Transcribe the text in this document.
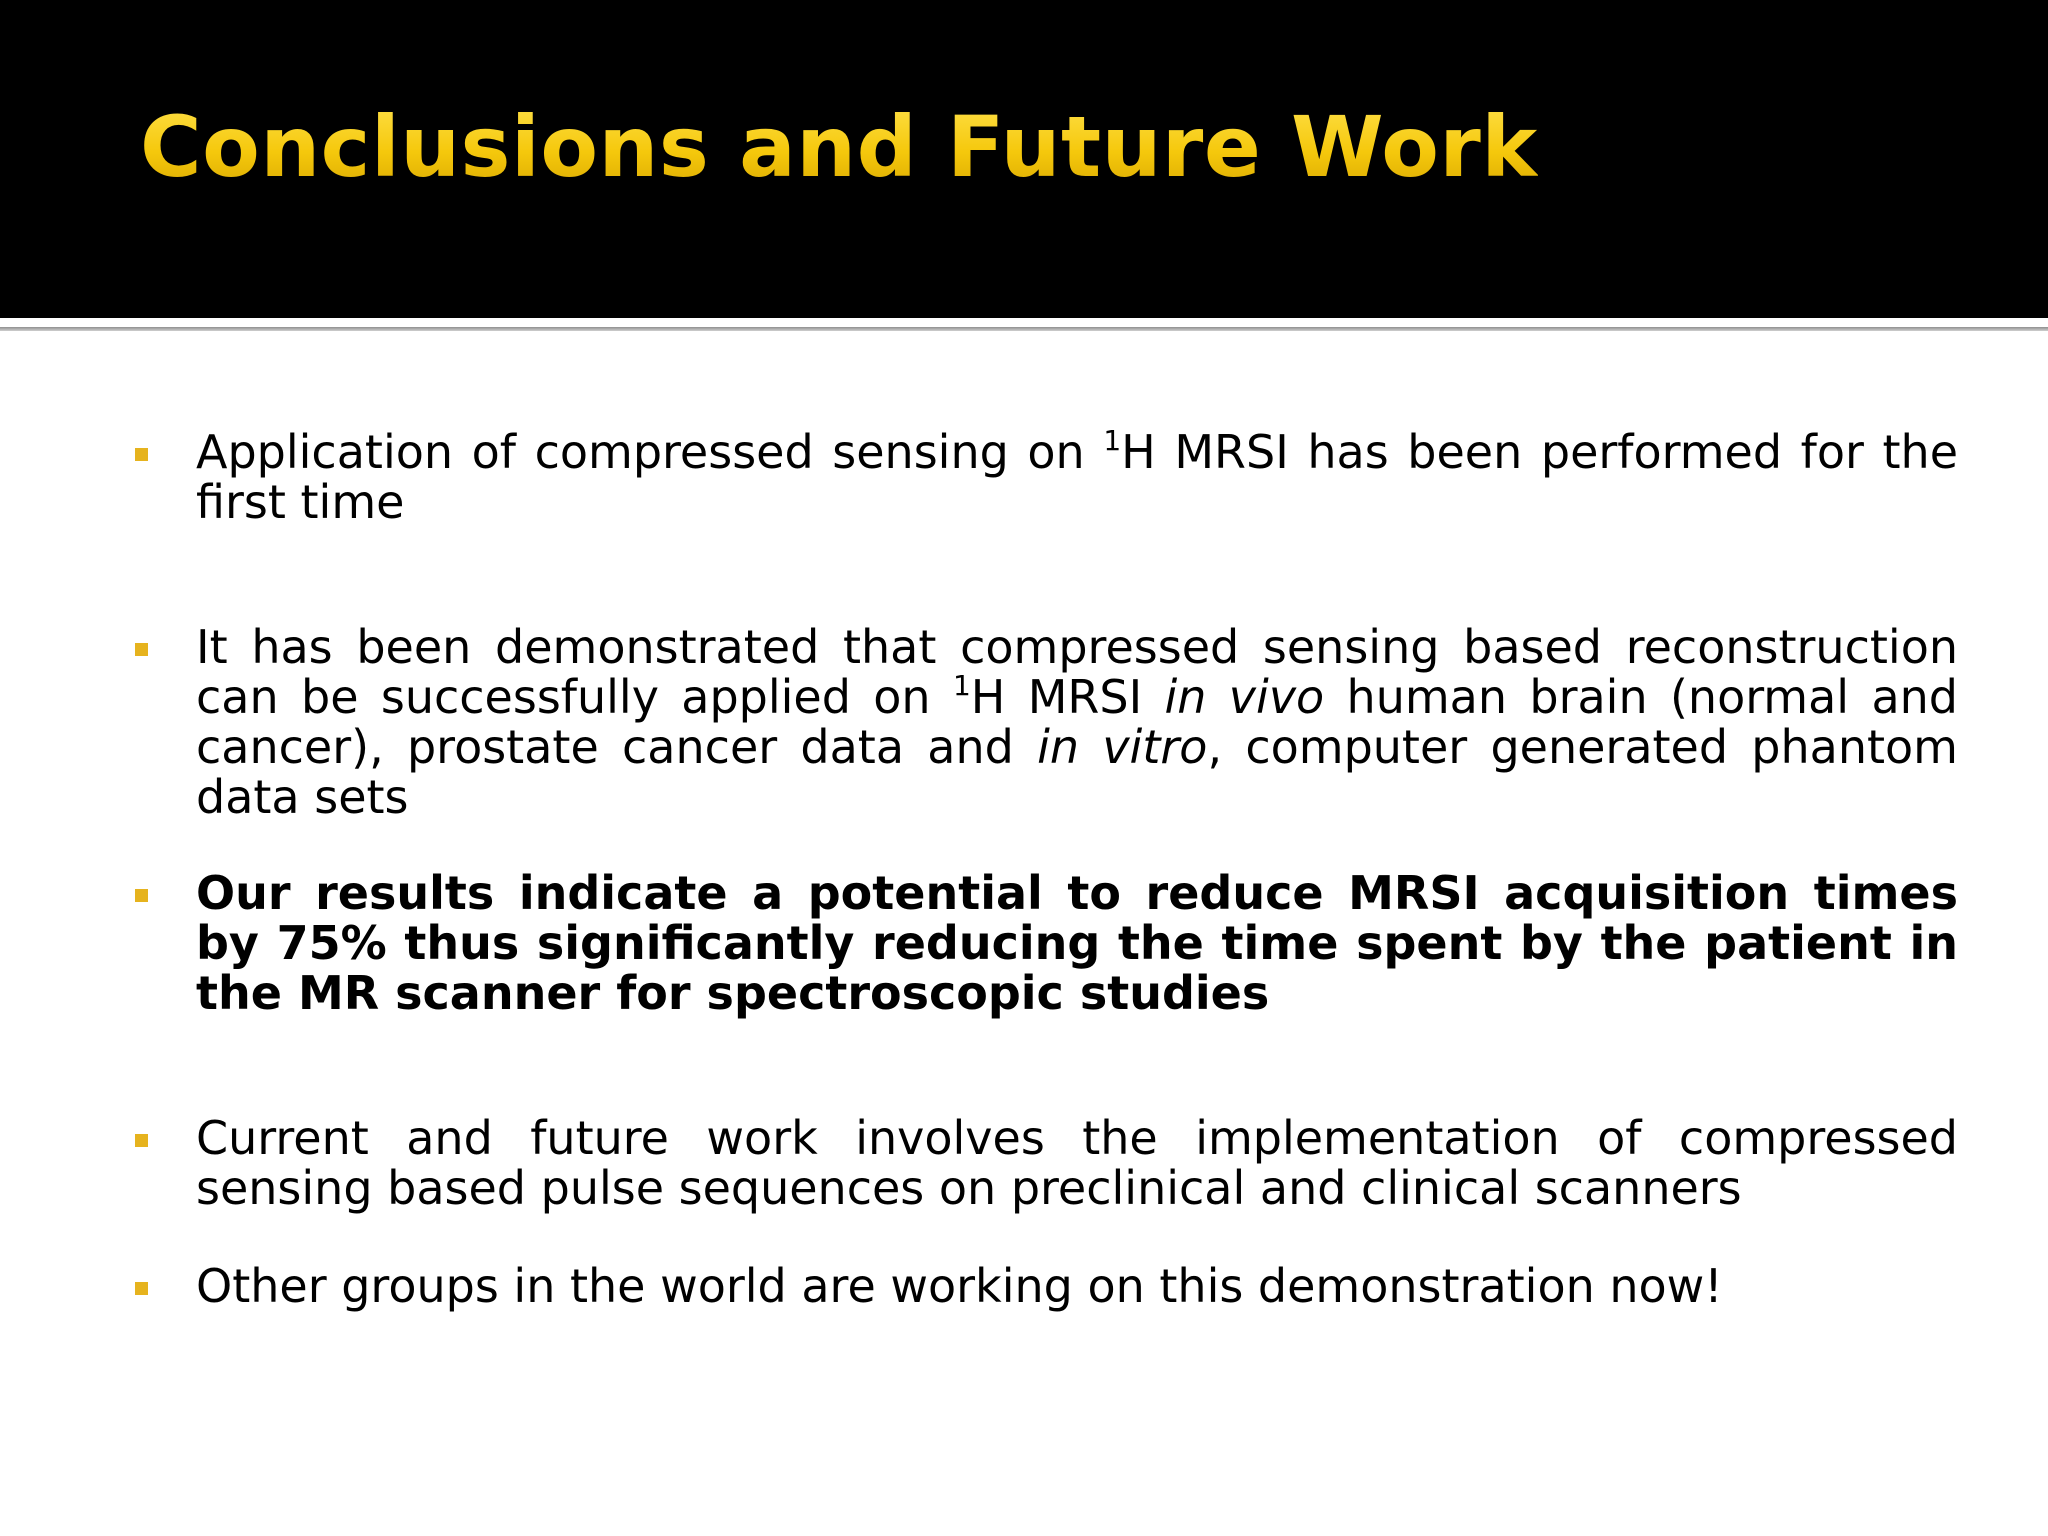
Conclusions and Future Work
Application of compressed sensing on $^1$H MRSI has been performed for the first time
It has been demonstrated that compressed sensing based reconstruction can be successfully applied on $^1$H MRSI in vivo human brain (normal and cancer), prostate cancer data and in vitro, computer generated phantom data sets
Our results indicate a potential to reduce MRSI acquisition times by 75% thus significantly reducing the time spent by the patient in the MR scanner for spectroscopic studies
Current and future work involves the implementation of compressed sensing based pulse sequences on preclinical and clinical scanners
Other groups in the world are working on this demonstration now!
